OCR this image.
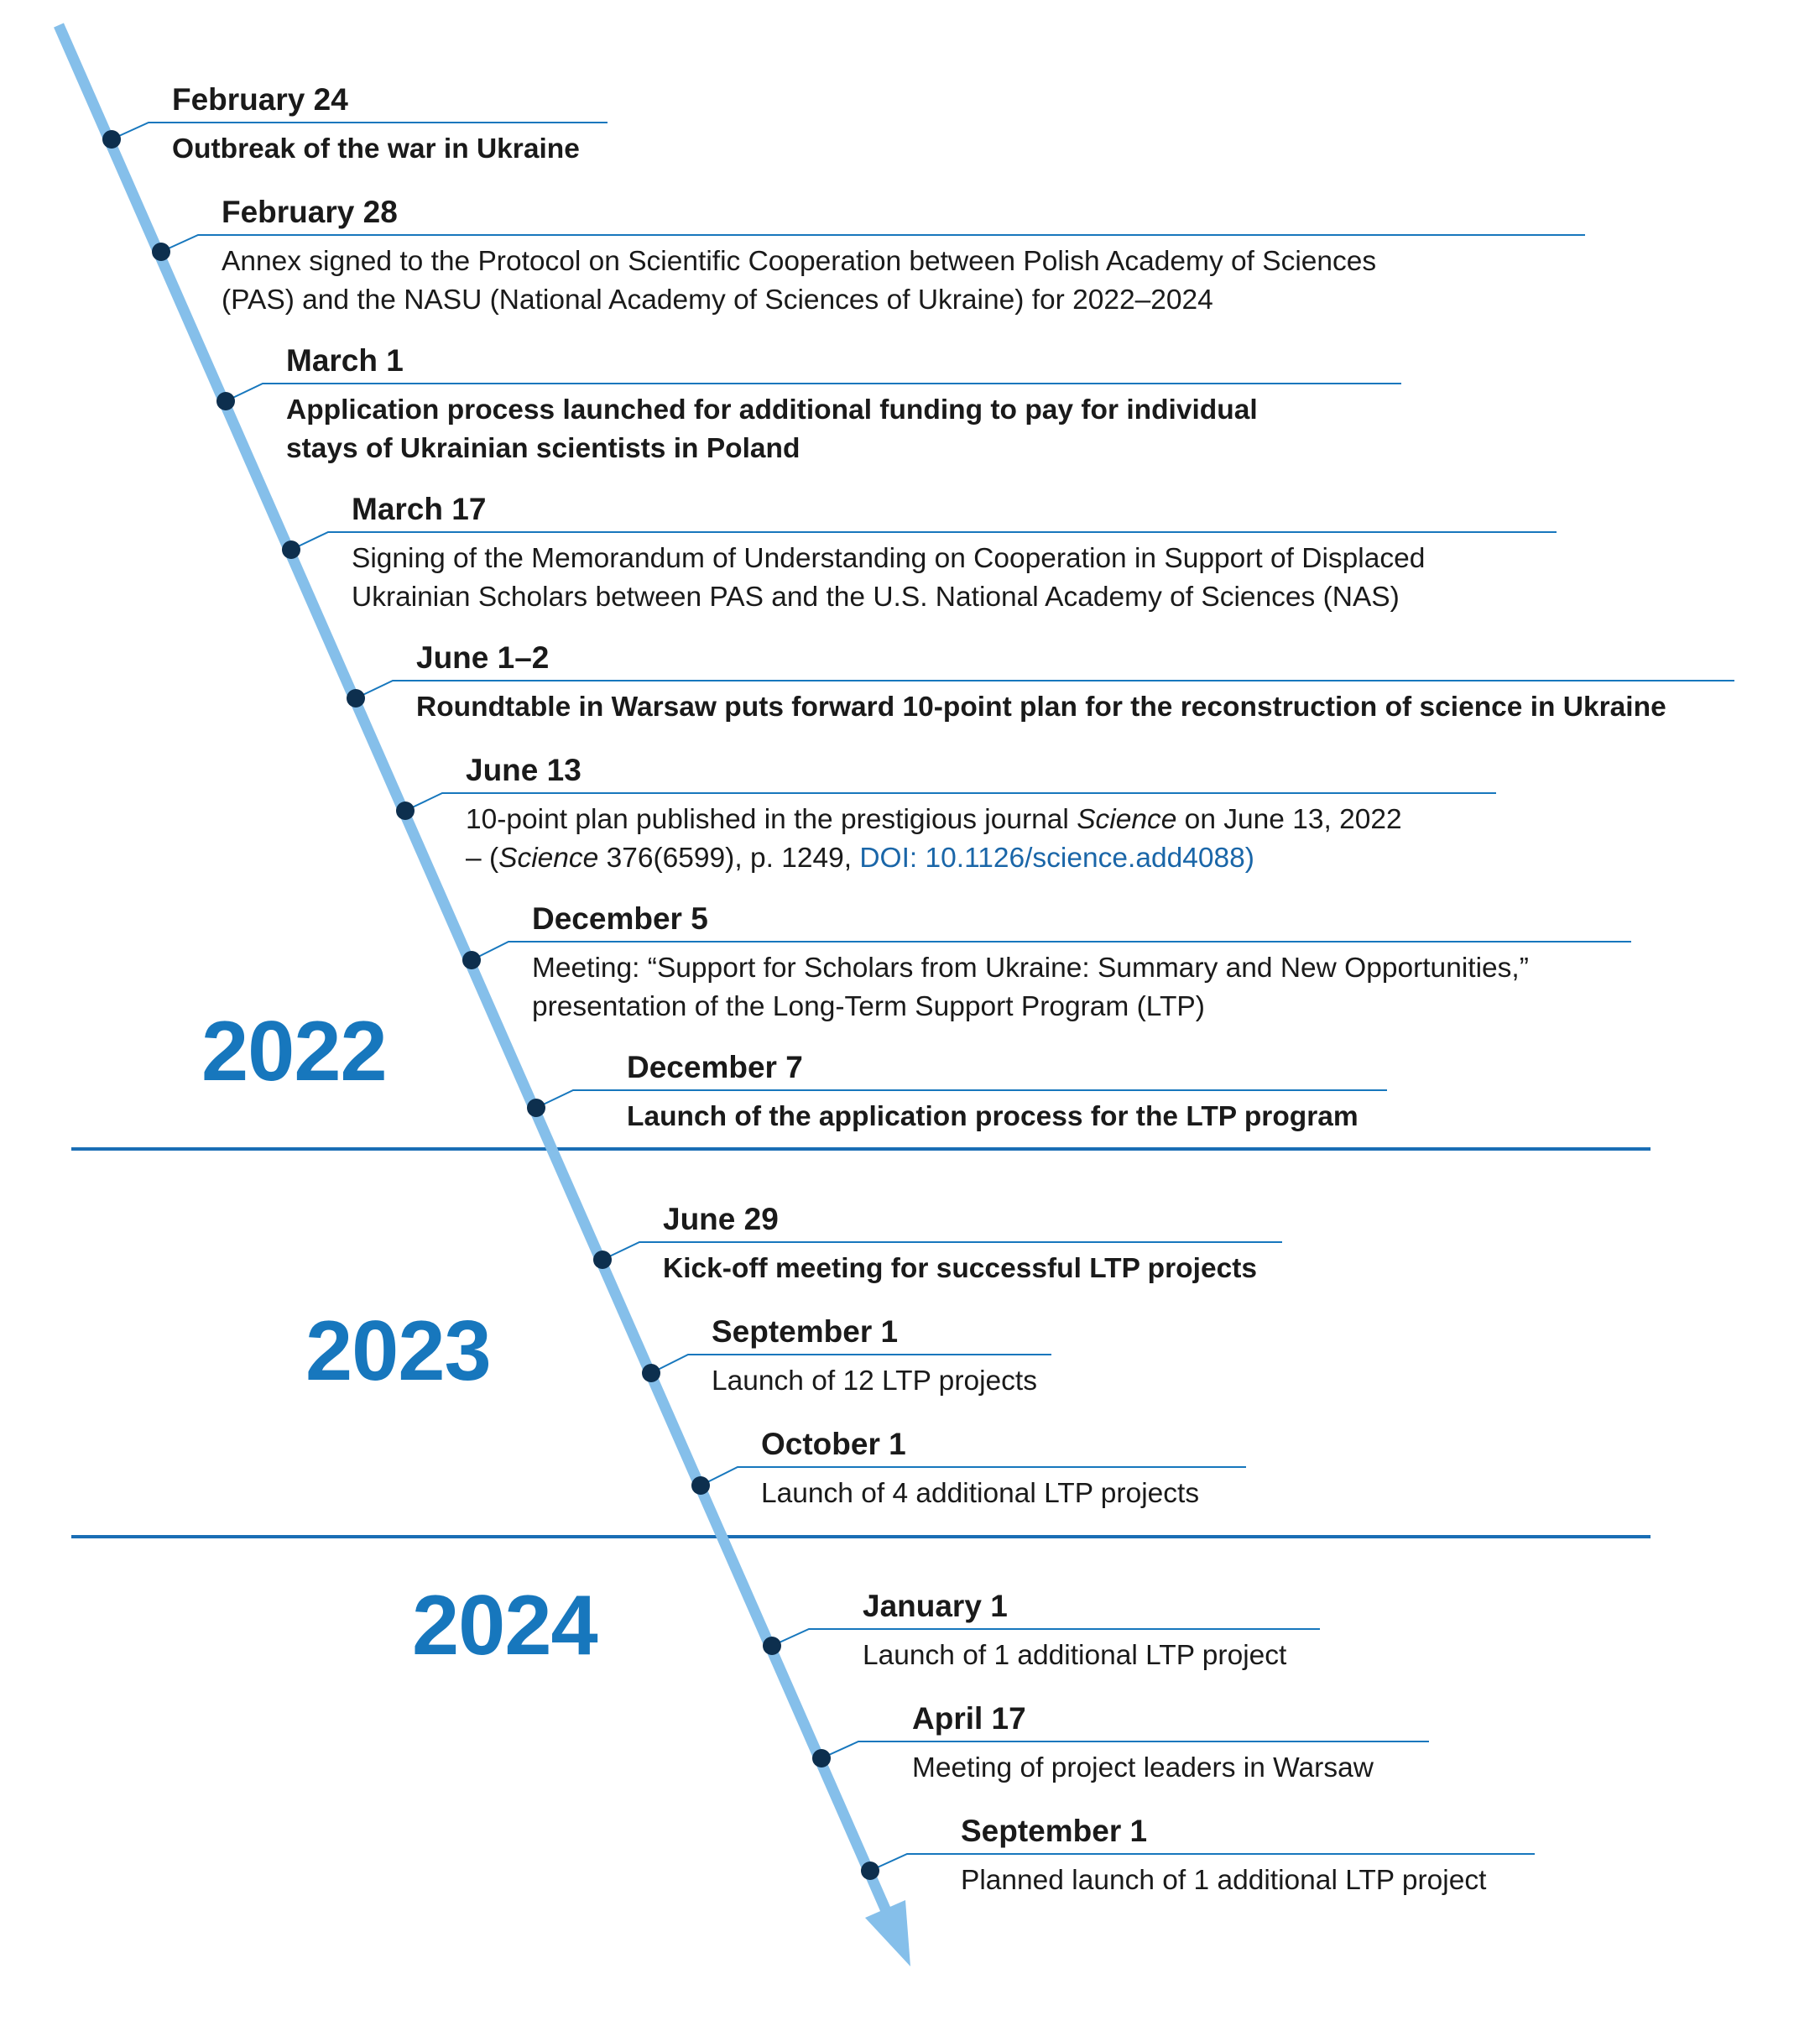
2022
2023
2024
February 24
Outbreak of the war in Ukraine
February 28
Annex signed to the Protocol on Scientific Cooperation between Polish Academy of Sciences
(PAS) and the NASU (National Academy of Sciences of Ukraine) for 2022–2024
March 1
Application process launched for additional funding to pay for individual
stays of Ukrainian scientists in Poland
March 17
Signing of the Memorandum of Understanding on Cooperation in Support of Displaced
Ukrainian Scholars between PAS and the U.S. National Academy of Sciences (NAS)
June 1–2
Roundtable in Warsaw puts forward 10-point plan for the reconstruction of science in Ukraine
June 13
10-point plan published in the prestigious journal Science on June 13, 2022
– (Science 376(6599), p. 1249, DOI: 10.1126/science.add4088)
December 5
Meeting: “Support for Scholars from Ukraine: Summary and New Opportunities,”
presentation of the Long-Term Support Program (LTP)
December 7
Launch of the application process for the LTP program
June 29
Kick-off meeting for successful LTP projects
September 1
Launch of 12 LTP projects
October 1
Launch of 4 additional LTP projects
January 1
Launch of 1 additional LTP project
April 17
Meeting of project leaders in Warsaw
September 1
Planned launch of 1 additional LTP project
